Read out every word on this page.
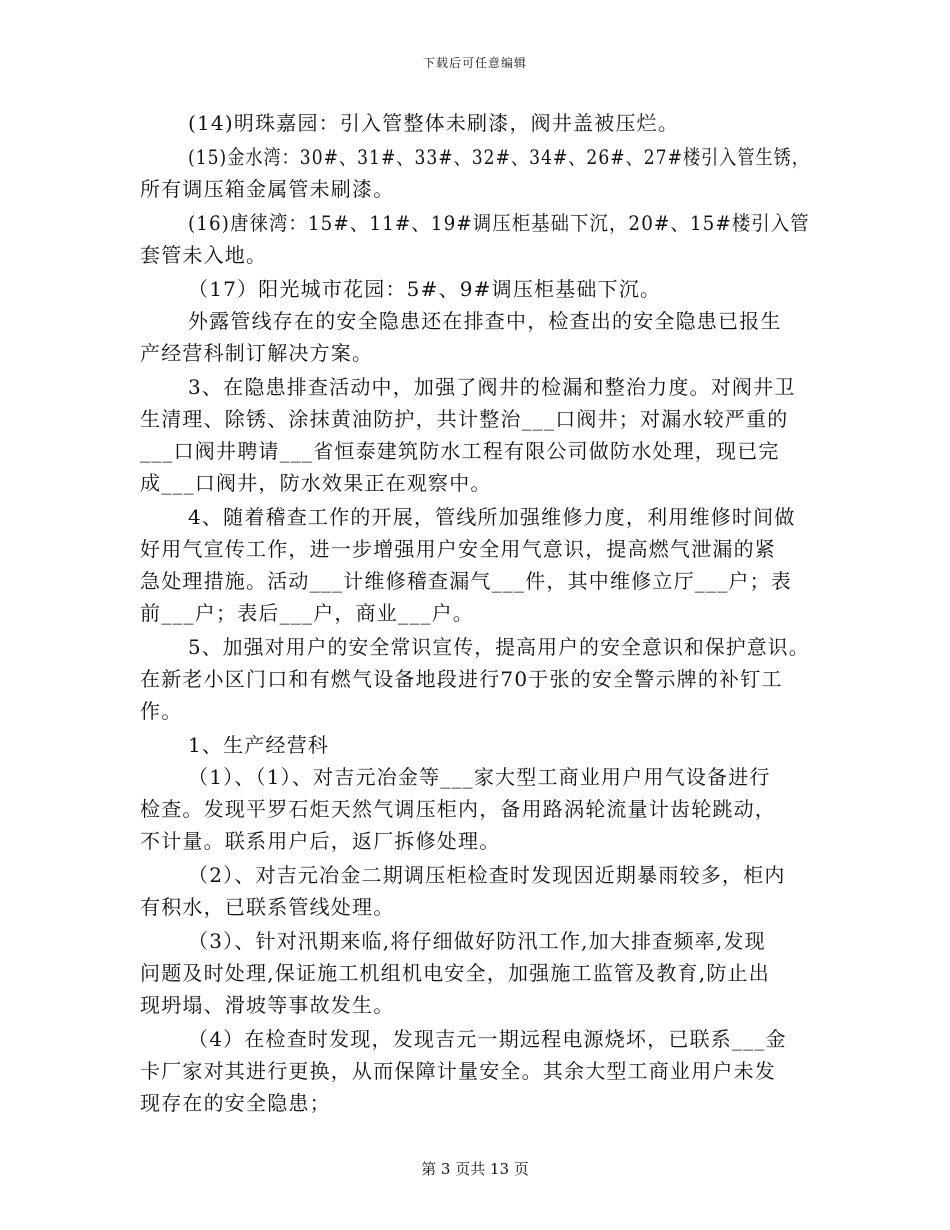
下载后可任意编辑
(14)明珠嘉园：引入管整体未刷漆，阀井盖被压烂。
(15)金水湾：30#、31#、33#、32#、34#、26#、27#楼引入管生锈，
所有调压箱金属管未刷漆。
(16)唐徕湾：15#、11#、19#调压柜基础下沉，20#、15#楼引入管
套管未入地。
（17）阳光城市花园：5#、9#调压柜基础下沉。
外露管线存在的安全隐患还在排查中，检查出的安全隐患已报生
产经营科制订解决方案。
3、在隐患排查活动中，加强了阀井的检漏和整治力度。对阀井卫
生清理、除锈、涂抹黄油防护，共计整治___口阀井；对漏水较严重的
___口阀井聘请___省恒泰建筑防水工程有限公司做防水处理，现已完
成___口阀井，防水效果正在观察中。
4、随着稽查工作的开展，管线所加强维修力度，利用维修时间做
好用气宣传工作，进一步增强用户安全用气意识，提高燃气泄漏的紧
急处理措施。活动___计维修稽查漏气___件，其中维修立厅___户；表
前___户；表后___户，商业___户。
5、加强对用户的安全常识宣传，提高用户的安全意识和保护意识。
在新老小区门口和有燃气设备地段进行70于张的安全警示牌的补钉工
作。
1、生产经营科
（1）、（1）、对吉元冶金等___家大型工商业用户用气设备进行
检查。发现平罗石炬天然气调压柜内，备用路涡轮流量计齿轮跳动，
不计量。联系用户后，返厂拆修处理。
（2）、对吉元冶金二期调压柜检查时发现因近期暴雨较多，柜内
有积水，已联系管线处理。
（3）、针对汛期来临,将仔细做好防汛工作,加大排查频率,发现
问题及时处理,保证施工机组机电安全，加强施工监管及教育,防止出
现坍塌、滑坡等事故发生。
（4）在检查时发现，发现吉元一期远程电源烧坏，已联系___金
卡厂家对其进行更换，从而保障计量安全。其余大型工商业用户未发
现存在的安全隐患；
第 3 页共 13 页
